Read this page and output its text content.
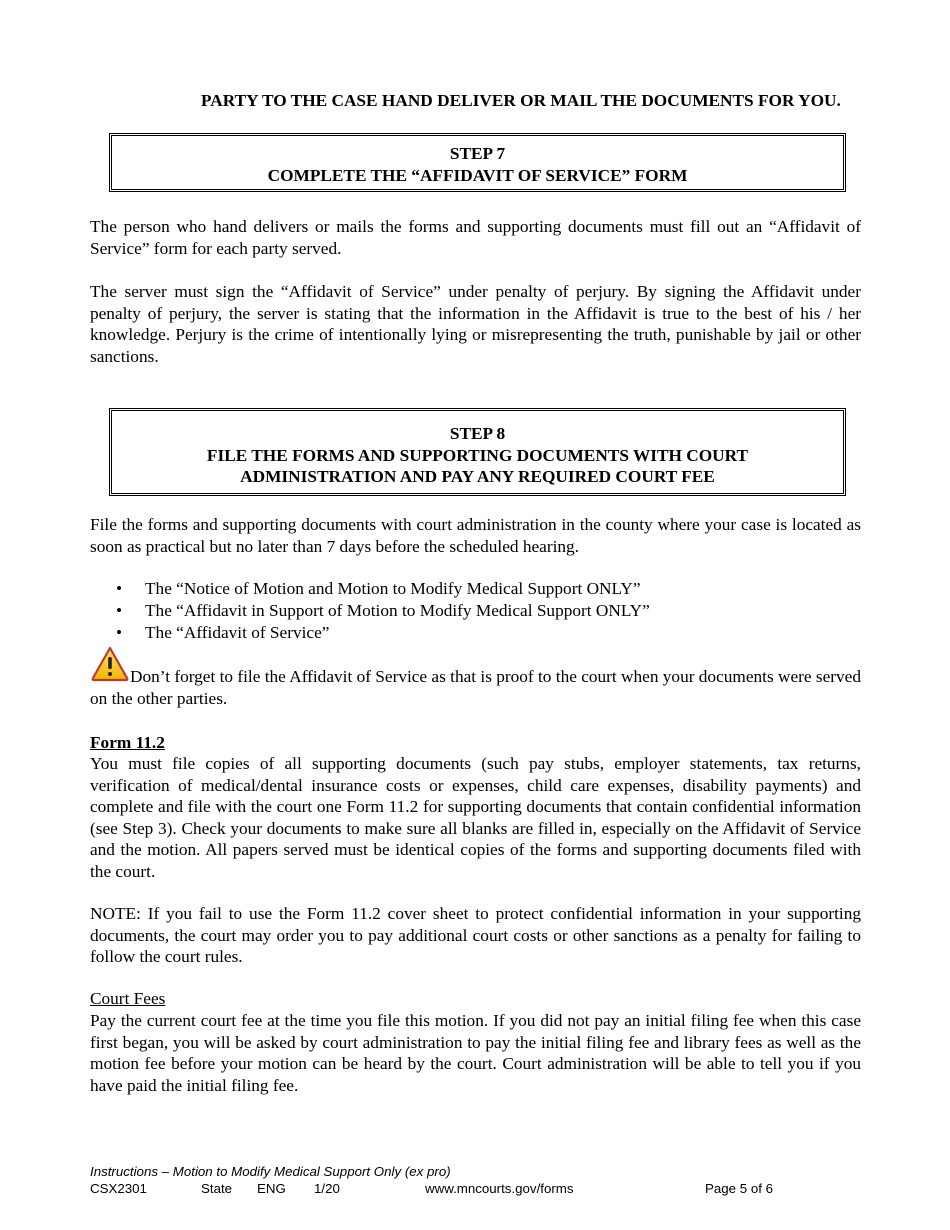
PARTY TO THE CASE HAND DELIVER OR MAIL THE DOCUMENTS FOR YOU.

STEP 7
COMPLETE THE “AFFIDAVIT OF SERVICE” FORM

The person who hand delivers or mails the forms and supporting documents must fill out an “Affidavit of Service” form for each party served.

The server must sign the “Affidavit of Service” under penalty of perjury. By signing the Affidavit under penalty of perjury, the server is stating that the information in the Affidavit is true to the best of his / her knowledge. Perjury is the crime of intentionally lying or misrepresenting the truth, punishable by jail or other sanctions.

STEP 8
FILE THE FORMS AND SUPPORTING DOCUMENTS WITH COURT ADMINISTRATION AND PAY ANY REQUIRED COURT FEE

File the forms and supporting documents with court administration in the county where your case is located as soon as practical but no later than 7 days before the scheduled hearing.

• The “Notice of Motion and Motion to Modify Medical Support ONLY”
• The “Affidavit in Support of Motion to Modify Medical Support ONLY”
• The “Affidavit of Service”

Don’t forget to file the Affidavit of Service as that is proof to the court when your documents were served on the other parties.

Form 11.2

You must file copies of all supporting documents (such pay stubs, employer statements, tax returns, verification of medical/dental insurance costs or expenses, child care expenses, disability payments) and complete and file with the court one Form 11.2 for supporting documents that contain confidential information (see Step 3). Check your documents to make sure all blanks are filled in, especially on the Affidavit of Service and the motion. All papers served must be identical copies of the forms and supporting documents filed with the court.

NOTE: If you fail to use the Form 11.2 cover sheet to protect confidential information in your supporting documents, the court may order you to pay additional court costs or other sanctions as a penalty for failing to follow the court rules.

Court Fees

Pay the current court fee at the time you file this motion. If you did not pay an initial filing fee when this case first began, you will be asked by court administration to pay the initial filing fee and library fees as well as the motion fee before your motion can be heard by the court. Court administration will be able to tell you if you have paid the initial filing fee.

Instructions – Motion to Modify Medical Support Only (ex pro)
CSX2301	State ENG 1/20	www.mncourts.gov/forms	Page 5 of 6
